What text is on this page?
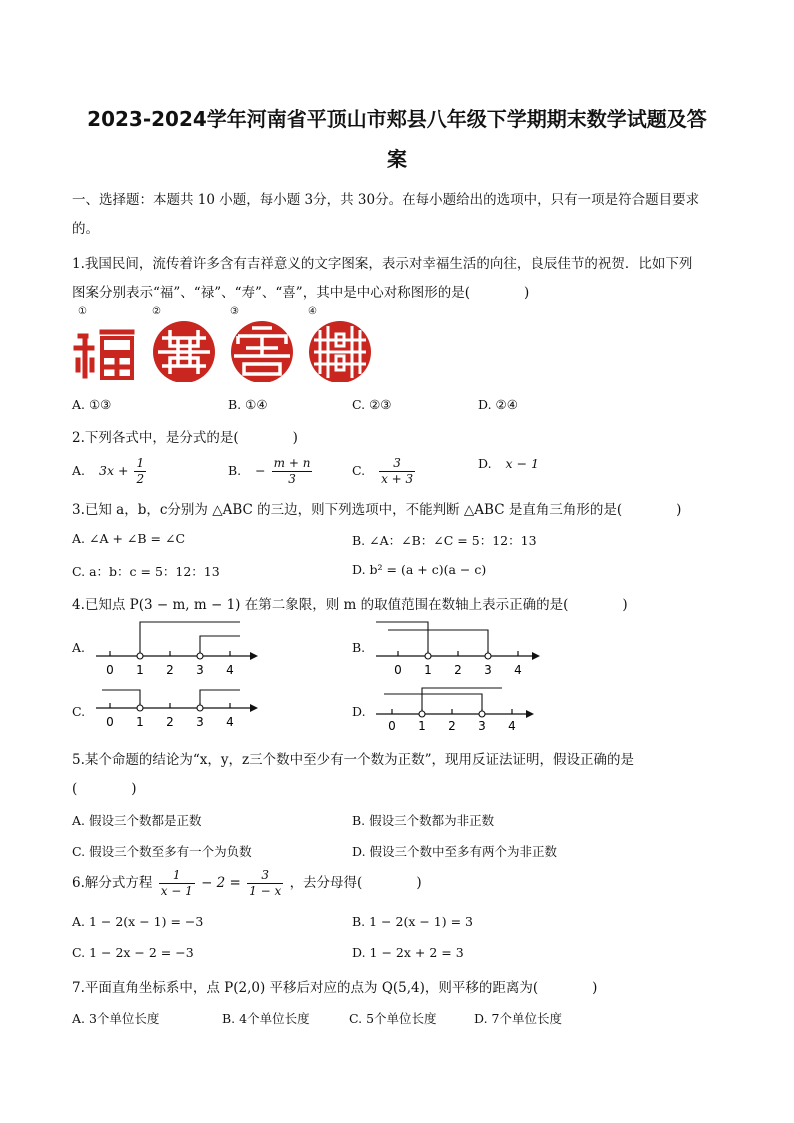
2023-2024学年河南省平顶山市郏县八年级下学期期末数学试题及答
案
一、选择题：本题共 10 小题，每小题 3分，共 30分。在每小题给出的选项中，只有一项是符合题目要求
的。
1.我国民间，流传着许多含有吉祥意义的文字图案，表示对幸福生活的向往，良辰佳节的祝贺．比如下列
图案分别表示“福”、“禄”、“寿”、“喜”，其中是中心对称图形的是(　　　　)
①	②	③	④
A. ①③	B. ①④	C. ②③	D. ②④
2.下列各式中，是分式的是(　　　　)
A. $3x + \frac{1}{2}$	B. − $\frac{m + n}{3}$	C. $\frac{3}{x + 3}$	D. x − 1
3.已知 a，b，c分别为 △ABC 的三边，则下列选项中，不能判断 △ABC 是直角三角形的是(　　　　)
A. ∠A + ∠B = ∠C	B. ∠A：∠B：∠C = 5：12：13
C. a：b：c = 5：12：13	D. b² = (a + c)(a − c)
4.已知点 P(3 − m, m − 1) 在第二象限，则 m 的取值范围在数轴上表示正确的是(　　　　)
A.	B.
C.	D.
0 1 2 3 4	0 1 2 3 4
0 1 2 3 4	0 1 2 3 4
5.某个命题的结论为“x，y，z三个数中至少有一个数为正数”，现用反证法证明，假设正确的是
(　　　　)
A. 假设三个数都是正数	B. 假设三个数都为非正数
C. 假设三个数至多有一个为负数	D. 假设三个数中至多有两个为非正数
6.解分式方程 $\frac{1}{x - 1} - 2 = \frac{3}{1 - x}$ ，去分母得(　　　　)
A. 1 − 2(x − 1) = −3	B. 1 − 2(x − 1) = 3
C. 1 − 2x − 2 = −3	D. 1 − 2x + 2 = 3
7.平面直角坐标系中，点 P(2,0) 平移后对应的点为 Q(5,4)，则平移的距离为(　　　　)
A. 3个单位长度	B. 4个单位长度	C. 5个单位长度	D. 7个单位长度
